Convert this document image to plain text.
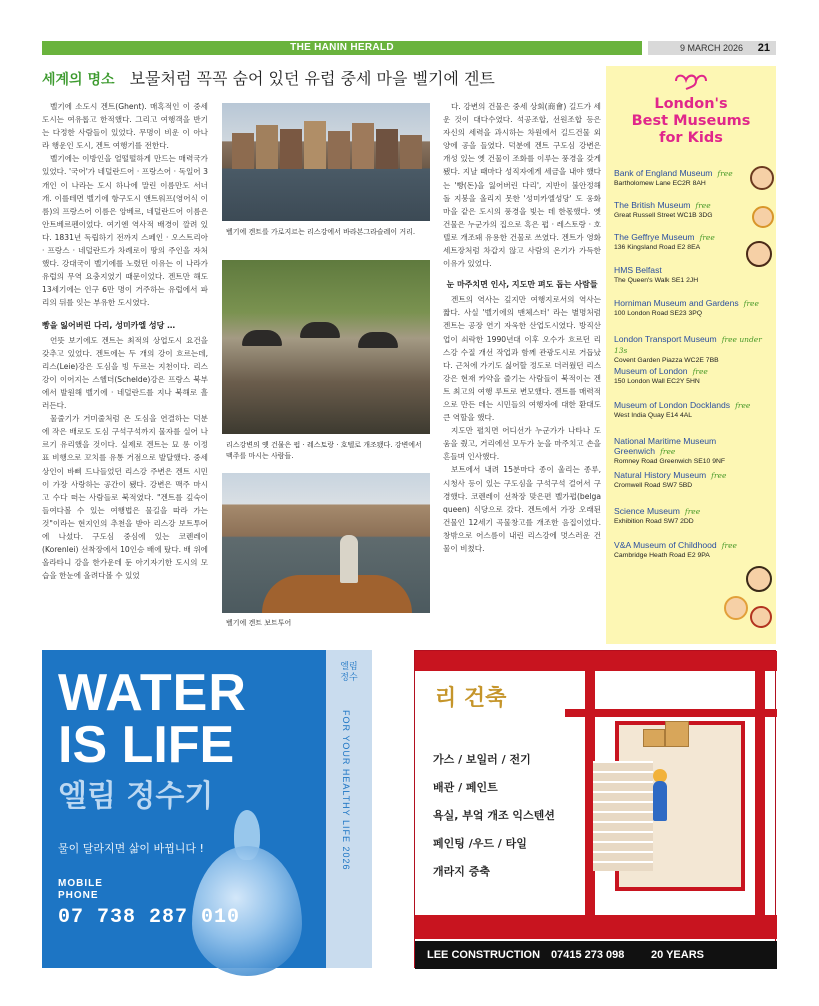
THE HANIN HERALD	9 MARCH 2026 21
세계의 명소 보물처럼 꼭꼭 숨어 있던 유럽 중세 마을 벨기에 겐트

벨기에 소도시 겐트(Ghent). 매혹적인 이 중세도시는 여유롭고 한적했다. 그리고 여행객을 반기는 다정한 사람들이 있었다. 무명이 비운 이 아나라 행운인 도시, 겐트 여행기를 전한다.

벨기에는 이방인을 얼떨떨하게 만드는 매력국가 있었다. '국어'가 네덜란드어 · 프랑스어 · 독일어 3개인 이 나라는 도시 하나에 말린 이름만도 서너 개. 이를테면 벨기에 항구도시 앤트워프(영어식 이름)의 프랑스어 이름은 앙베르, 네덜란드어 이름은 안트베르펜이었다. 여기엔 역사적 배경이 깔려 있다. 1831년 독립하기 전까지 스페인 · 오스트리아 · 프랑스 · 네덜란드가 차례로이 땅의 주인을 자처했다. 강대국이 벨기에를 노렸던 이유는 이 나라가 유럽의 무역 요충지였기 때문이었다. 겐트만 해도 13세기에는 인구 6만 명이 거주하는 유럽에서 파리의 뒤를 잇는 부유한 도시였다.

빵을 잃어버린 다리, 성미카엘 성당 …

언뜻 보기에도 겐트는 최적의 상업도시 요건을 갖추고 있었다. 겐트에는 두 개의 강이 흐르는데, 리스(Leie)강은 도심을 빙 두르는 지천이다. 리스강이 이어지는 스헬더(Schelde)강은 프랑스 북부에서 발원해 벨기에 · 네덜란드를 지나 북해로 흘러든다.

물줄기가 거미줄처럼 온 도심을 연결하는 덕분에 작은 배로도 도심 구석구석까지 물자를 실어 나르기 유리했을 것이다. 실제로 겐트는 묘 롱 이정표 비행으로 꼬치를 유통 거점으로 발달했다. 중세 상인이 바삐 드나들었던 리스강 주변은 겐트 시민이 가장 사랑하는 공간이 됐다. 강변은 맥주 마시고 수다 떠는 사람들로 북적였다. "겐트를 깊숙이 들여다볼 수 있는 여행법은 물길을 따라 가는 것"이라는 현지인의 추천을 받아 리스강 보트투어에 나섰다. 구도심 중심에 있는 코렌레이(Korenlei) 선착장에서 10인승 배에 탔다. 배 위에 올라타니 강을 한가운데 둔 아기자기한 도시의 모습을 한눈에 올려다볼 수 있었

벨기에 겐트를 가로지르는 리스강에서 바라본그라슬레이 거리.
리스강변의 옛 건물은 펍 · 레스토랑 · 호텔로 개조됐다. 강변에서 맥주를 마시는 사람들.
벨기에 겐트 보트투어

다. 강변의 건물은 중세 상회(商會) 길드가 세운 것이 대다수였다. 석공조합, 선원조합 등은 자신의 세력을 과시하는 차원에서 길드건물 외양에 공을 들였다. 덕분에 겐트 구도심 강변은 개성 있는 옛 건물이 조화를 이루는 풍경을 갖게 됐다. 지날 때마다 성직자에게 세금을 내야 했다는 '빵(돈)을 잃어버린 다리', 지반이 불안정해 돌 지붕을 올리지 못한 '성미카엘성당' 도 웅화마을 같은 도시의 풍경을 빛는 데 한몫했다. 옛 건물은 누군가의 집으로 혹은 펍 · 레스토랑 · 호텔로 개조돼 유용한 건물로 쓰였다. 겐트가 영화 세트장처럼 차갑지 않고 사람의 온기가 가득한 이유가 있었다.

눈 마주치면 인사, 지도만 펴도 돕는 사람들

겐트의 역사는 깊지만 여행지로서의 역사는 짧다. 사실 '벨기에의 맨체스터' 라는 별명처럼 겐트는 공장 연기 자욱한 산업도시였다. 방직산업이 쇠락한 1990년대 이후 오수가 흐르던 리스강 수질 개선 작업과 함께 관광도시로 거듭났다. 근처에 가기도 싫어할 정도로 더러웠던 리스강은 현재 카약을 즐기는 사람들이 북적이는 겐트 최고의 여행 루트로 변모했다. 겐트를 매력적으로 만든 데는 시민들의 여행자에 대한 환대도 큰 역할을 했다.

지도만 펼치면 어디선가 누군가가 나타나 도움을 줬고, 거리에선 모두가 눈을 마주치고 손을 흔들며 인사했다.

보트에서 내려 15분마다 종이 울리는 종루, 시청사 등이 있는 구도심을 구석구석 걸어서 구경했다. 코렌레이 선착장 맞은편 벨가펍(belga queen) 식당으로 갔다. 겐트에서 가장 오래된 건물인 12세기 곡물창고를 개조한 음집이었다. 창밖으로 어스름이 내린 리스강에 멋스러운 건물이 비쳤다.

London's
Best Museums
for Kids
Bank of England Museum free
Bartholomew Lane EC2R 8AH
The British Museum free
Great Russell Street WC1B 3DG
The Geffrye Museum free
136 Kingsland Road E2 8EA
HMS Belfast
The Queen's Walk SE1 2JH
Horniman Museum and Gardens free
100 London Road SE23 3PQ
London Transport Museum free under 13s
Covent Garden Piazza WC2E 7BB
Museum of London free
150 London Wall EC2Y 5HN
Museum of London Docklands free
West India Quay E14 4AL
National Maritime Museum Greenwich free
Romney Road Greenwich SE10 9NF
Natural History Museum free
Cromwell Road SW7 5BD
Science Museum free
Exhibition Road SW7 2DD
V&A Museum of Childhood free
Cambridge Heath Road E2 9PA
WATER
IS LIFE
엘림 정수기
물이 달라지면 삶이 바뀝니다 !
MOBILE PHONE
07 738 287 010
엘림 정수
FOR YOUR HEALTHY LIFE 2026
리 건축
가스 / 보일러 / 전기
배관 / 페인트
욕실, 부엌 개조 익스텐션
페인팅 /우드 / 타일
개라지 증축
LEE CONSTRUCTION 07415 273 098 20 YEARS EXPERIENCE
